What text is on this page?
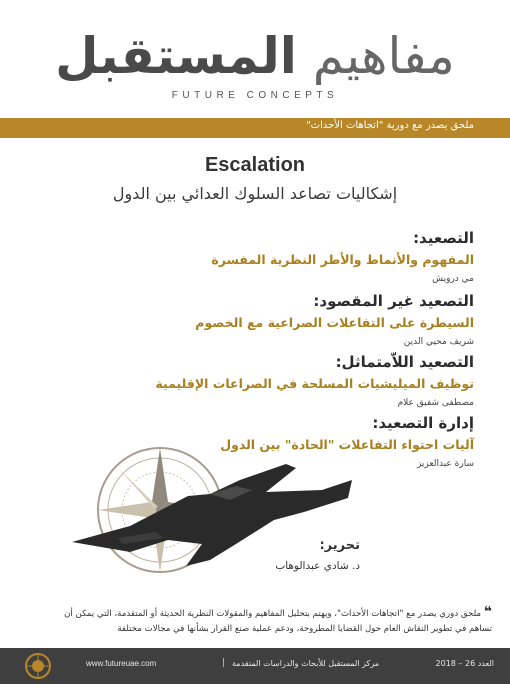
مفاهيم المستقبل
FUTURE CONCEPTS
ملحق يصدر مع دورية "اتجاهات الأحداث"
Escalation
إشكاليات تصاعد السلوك العدائي بين الدول
التصعيد:
المفهوم والأنماط والأطر النظرية المفسرة
مي درويش
التصعيد غير المقصود:
السيطرة على التفاعلات الصراعية مع الخصوم
شريف محيي الدين
التصعيد اللاّمتماثل:
توظيف الميليشيات المسلحة في الصراعات الإقليمية
مصطفى شفيق علام
إدارة التصعيد:
آليات احتواء التفاعلات "الحادة" بين الدول
سارة عبدالعزيز
تحرير:
د. شادي عبدالوهاب
❝ ملحق دوري يصدر مع "اتجاهات الأحداث"، ويهتم بتحليل المفاهيم والمقولات النظرية الحديثة أو المتقدمة، التي يمكن أن
تساهم في تطوير النقاش العام حول القضايا المطروحة، ودعم عملية صنع القرار بشأنها في مجالات مختلفة
www.futureuae.com	| مركز المستقبل للأبحاث والدراسات المتقدمة	العدد 26 – 2018
